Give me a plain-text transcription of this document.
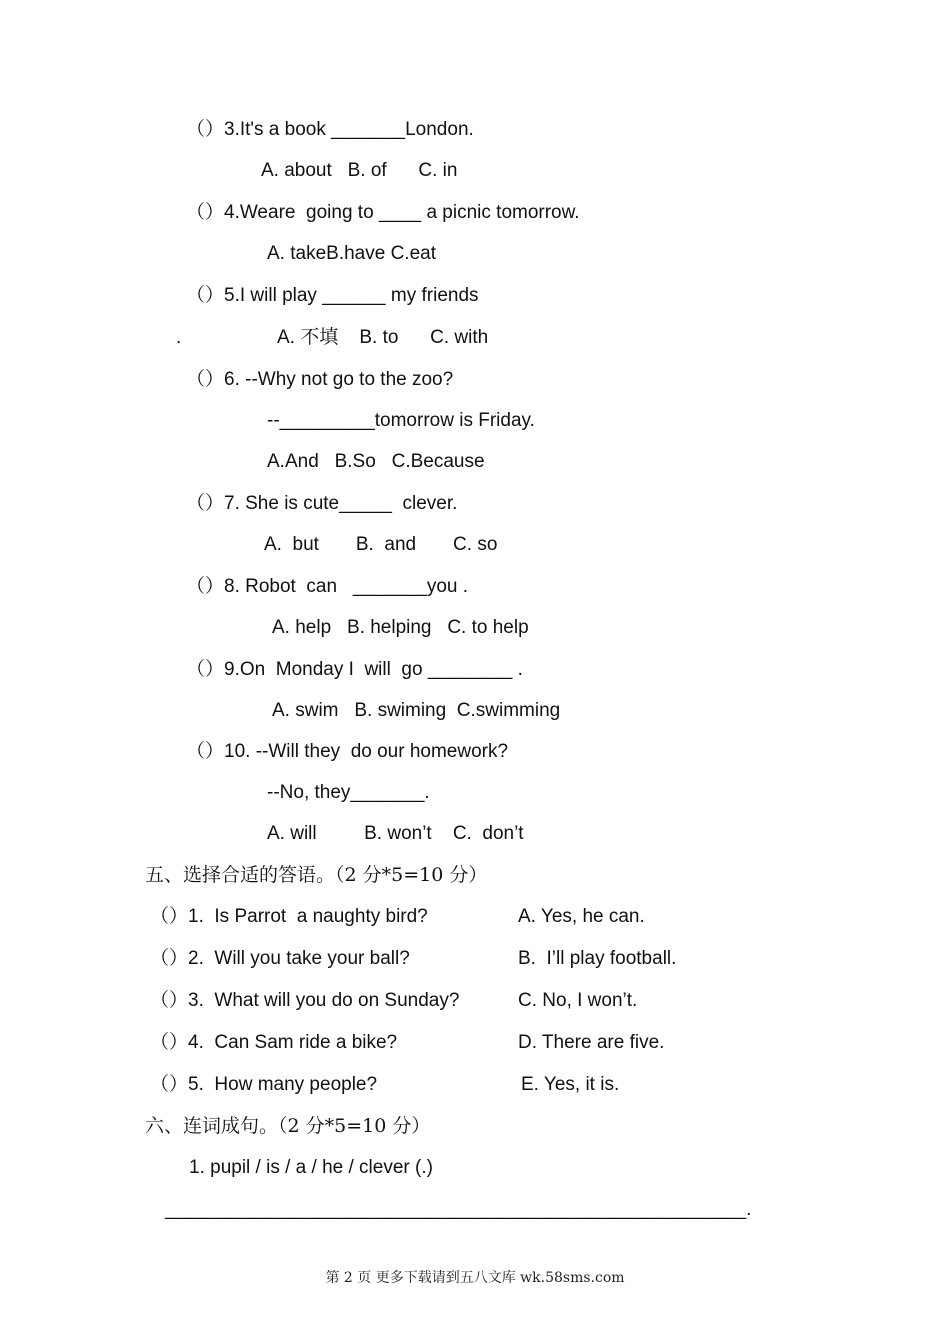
（）3.It's a book _______London.
A. about   B. of      C. in
（）4.Weare  going to ____ a picnic tomorrow.
A. takeB.have C.eat
（）5.I will play ______ my friends
.	A. 不填    B. to      C. with
（）6. --Why not go to the zoo?
--_________tomorrow is Friday.
A.And   B.So   C.Because
（）7. She is cute_____  clever.
A.  but       B.  and       C. so
（）8. Robot  can   _______you .
A. help   B. helping   C. to help
（）9.On  Monday I  will  go ________ .
A. swim   B. swiming  C.swimming
（）10. --Will they  do our homework?
--No, they_______.
A. will         B. won’t    C.  don’t
五、选择合适的答语。（2 分*5=10 分）
（）1.  Is Parrot  a naughty bird?	A. Yes, he can.
（）2.  Will you take your ball?	B.  I’ll play football.
（）3.  What will you do on Sunday?	C. No, I won’t.
（）4.  Can Sam ride a bike?	D. There are five.
（）5.  How many people?	E. Yes, it is.
六、连词成句。（2 分*5=10 分）
1. pupil / is / a / he / clever (.)
_______________________________________________________.
第 2 页 更多下载请到五八文库 wk.58sms.com
